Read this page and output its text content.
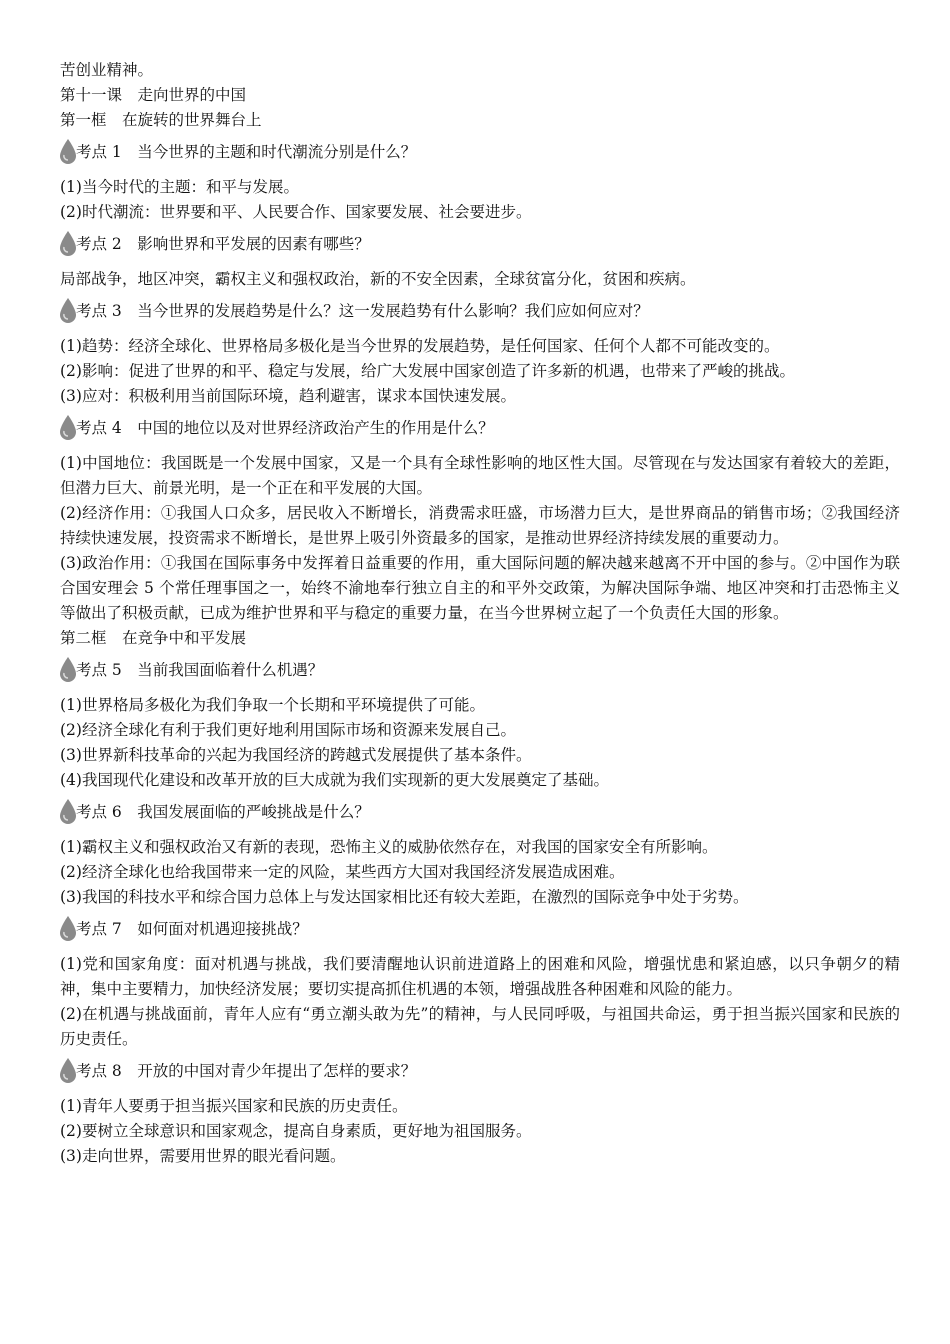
苦创业精神。
第十一课　走向世界的中国
第一框　在旋转的世界舞台上
考点 1　当今世界的主题和时代潮流分别是什么？
(1)当今时代的主题：和平与发展。
(2)时代潮流：世界要和平、人民要合作、国家要发展、社会要进步。
考点 2　影响世界和平发展的因素有哪些？
局部战争，地区冲突，霸权主义和强权政治，新的不安全因素，全球贫富分化，贫困和疾病。
考点 3　当今世界的发展趋势是什么？这一发展趋势有什么影响？我们应如何应对？
(1)趋势：经济全球化、世界格局多极化是当今世界的发展趋势，是任何国家、任何个人都不可能改变的。
(2)影响：促进了世界的和平、稳定与发展，给广大发展中国家创造了许多新的机遇，也带来了严峻的挑战。
(3)应对：积极利用当前国际环境，趋利避害，谋求本国快速发展。
考点 4　中国的地位以及对世界经济政治产生的作用是什么？
(1)中国地位：我国既是一个发展中国家，又是一个具有全球性影响的地区性大国。尽管现在与发达国家有着较大的差距，但潜力巨大、前景光明，是一个正在和平发展的大国。
(2)经济作用：①我国人口众多，居民收入不断增长，消费需求旺盛，市场潜力巨大，是世界商品的销售市场；②我国经济持续快速发展，投资需求不断增长，是世界上吸引外资最多的国家，是推动世界经济持续发展的重要动力。
(3)政治作用：①我国在国际事务中发挥着日益重要的作用，重大国际问题的解决越来越离不开中国的参与。②中国作为联合国安理会 5 个常任理事国之一，始终不渝地奉行独立自主的和平外交政策，为解决国际争端、地区冲突和打击恐怖主义等做出了积极贡献，已成为维护世界和平与稳定的重要力量，在当今世界树立起了一个负责任大国的形象。
第二框　在竞争中和平发展
考点 5　当前我国面临着什么机遇？
(1)世界格局多极化为我们争取一个长期和平环境提供了可能。
(2)经济全球化有利于我们更好地利用国际市场和资源来发展自己。
(3)世界新科技革命的兴起为我国经济的跨越式发展提供了基本条件。
(4)我国现代化建设和改革开放的巨大成就为我们实现新的更大发展奠定了基础。
考点 6　我国发展面临的严峻挑战是什么？
(1)霸权主义和强权政治又有新的表现，恐怖主义的威胁依然存在，对我国的国家安全有所影响。
(2)经济全球化也给我国带来一定的风险，某些西方大国对我国经济发展造成困难。
(3)我国的科技水平和综合国力总体上与发达国家相比还有较大差距，在激烈的国际竞争中处于劣势。
考点 7　如何面对机遇迎接挑战？
(1)党和国家角度：面对机遇与挑战，我们要清醒地认识前进道路上的困难和风险，增强忧患和紧迫感，以只争朝夕的精神，集中主要精力，加快经济发展；要切实提高抓住机遇的本领，增强战胜各种困难和风险的能力。
(2)在机遇与挑战面前，青年人应有“勇立潮头敢为先”的精神，与人民同呼吸，与祖国共命运，勇于担当振兴国家和民族的历史责任。
考点 8　开放的中国对青少年提出了怎样的要求？
(1)青年人要勇于担当振兴国家和民族的历史责任。
(2)要树立全球意识和国家观念，提高自身素质，更好地为祖国服务。
(3)走向世界，需要用世界的眼光看问题。
